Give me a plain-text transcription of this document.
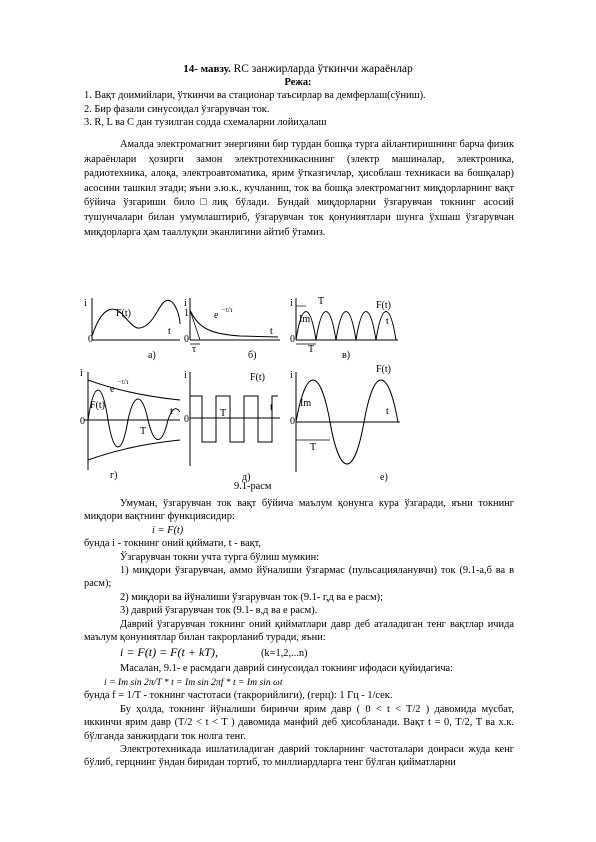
14- мавзу. RC занжирларда ўткинчи жараёнлар
Режа:
1. Вақт доимийлари, ўткинчи ва стационар таъсирлар ва демферлаш(сўниш).
2. Бир фазали синусоидал ўзгарувчан ток.
3. R, L ва C дан тузилган содда схемаларни лойиҳалаш

Амалда электромагнит энергияни бир турдан бошқа турга айлантиришнинг барча физик жараёнлари ҳозирги замон электротехникасининг (электр машиналар, электроника, радиотехника, алоқа, электроавтоматика, ярим ўтказгичлар, ҳисоблаш техникаси ва бошқалар) асосини ташкил этади; яъни э.ю.к., кучланиш, ток ва бошқа электромагнит миқдорларнинг вақт бўйича ўзгариши било□лиқ бўлади. Бундай миқдорларни ўзгарувчан токнинг асосий тушунчалари билан умумлаштириб, ўзгарувчан ток қонуниятлари шунга ўхшаш ўзгарувчан миқдорларга ҳам тааллуқли эканлигини айтиб ўтамиз.

i
F(t)
t
0
а)
i
1	e −t/τ
t
0
τ
б)
i	T	F(t)
Im	t
0
T
в)
i
e
−t/τ
F(t)
t
0
T
г)
i	F(t)
t
0
T
д)
i
F(t)
Im
t
0
T
е)
9.1-расм

Умуман, ўзгарувчан ток вақт бўйича маълум қонунга кура ўзгаради, яъни токнинг миқдори вақтнинг функциясидир:

i = F(t)

бунда i - токнинг оний қиймати, t - вақт,

Ўзгарувчан токни учта турга бўлиш мумкин:

1) миқдори ўзгарувчан, аммо йўналиши ўзгармас (пульсацияланувчи) ток (9.1-а,б ва в расм);

2) миқдори ва йўналиши ўзгарувчан ток (9.1- г,д ва е расм);

3) даврий ўзгарувчан ток (9.1- в,д ва е расм).

Даврий ўзгарувчан токнинг оний қийматлари давр деб аталадиган тенг вақтлар ичида маълум қонуниятлар билан такрорланиб туради, яъни:

i = F(t) = F(t + kT),	(k=1,2,...n)

Масалан, 9.1- е расмдаги даврий синусоидал токнинг ифодаси қуйидагича:

i = Im sin 2π/T * t = Im sin 2πf * t = Im sin ωt

бунда f = 1/T - токнинг частотаси (такрорийлиги), (герц): 1 Гц - 1/сек.

Бу ҳолда, токнинг йўналиши биринчи ярим давр ( 0 < t < T/2 ) давомида мусбат, иккинчи ярим давр (T/2 < t < T ) давомида манфий деб ҳисобланади. Вақт t = 0, T/2, T ва х.к. бўлганда занжирдаги ток нолга тенг.

Электротехникада ишлатиладиган даврий токларнинг частоталари доираси жуда кенг бўлиб, герцнинг ўндан биридан тортиб, то миллиардларга тенг бўлган қийматларни
